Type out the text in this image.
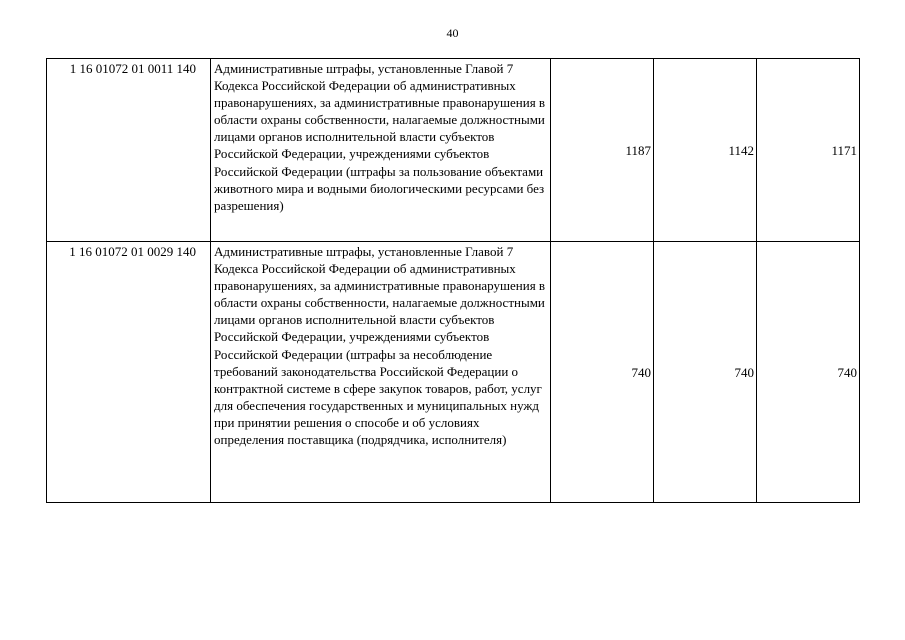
40
1 16 01072 01 0011 140	Административные штрафы, установленные Главой 7 Кодекса Российской Федерации об административных правонарушениях, за административные правонарушения в области охраны собственности, налагаемые должностными лицами органов исполнительной власти субъектов Российской Федерации, учреждениями субъектов Российской Федерации (штрафы за пользование объектами животного мира и водными биологическими ресурсами без разрешения)	1187	1142	1171
1 16 01072 01 0029 140	Административные штрафы, установленные Главой 7 Кодекса Российской Федерации об административных правонарушениях, за административные правонарушения в области охраны собственности, налагаемые должностными лицами органов исполнительной власти субъектов Российской Федерации, учреждениями субъектов Российской Федерации (штрафы за несоблюдение требований законодательства Российской Федерации о контрактной системе в сфере закупок товаров, работ, услуг для обеспечения государственных и муниципальных нужд при принятии решения о способе и об условиях определения поставщика (подрядчика, исполнителя)	740	740	740
